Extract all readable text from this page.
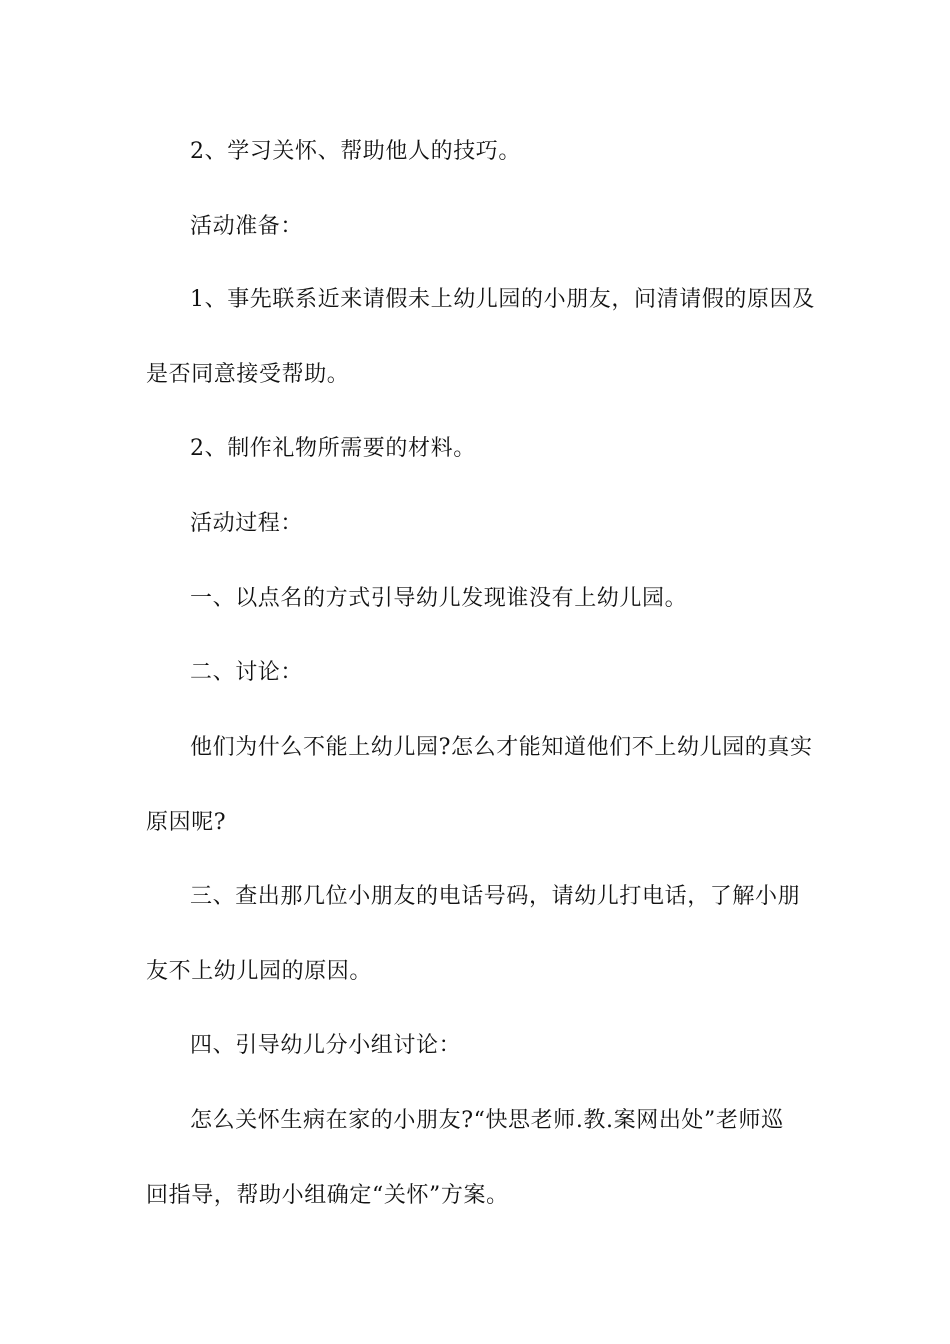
2、学习关怀、帮助他人的技巧。
活动准备：
1、事先联系近来请假未上幼儿园的小朋友，问清请假的原因及
是否同意接受帮助。
2、制作礼物所需要的材料。
活动过程：
一、以点名的方式引导幼儿发现谁没有上幼儿园。
二、讨论：
他们为什么不能上幼儿园?怎么才能知道他们不上幼儿园的真实
原因呢?
三、查出那几位小朋友的电话号码，请幼儿打电话，了解小朋
友不上幼儿园的原因。
四、引导幼儿分小组讨论：
怎么关怀生病在家的小朋友?“快思老师.教.案网出处”老师巡
回指导，帮助小组确定“关怀”方案。
